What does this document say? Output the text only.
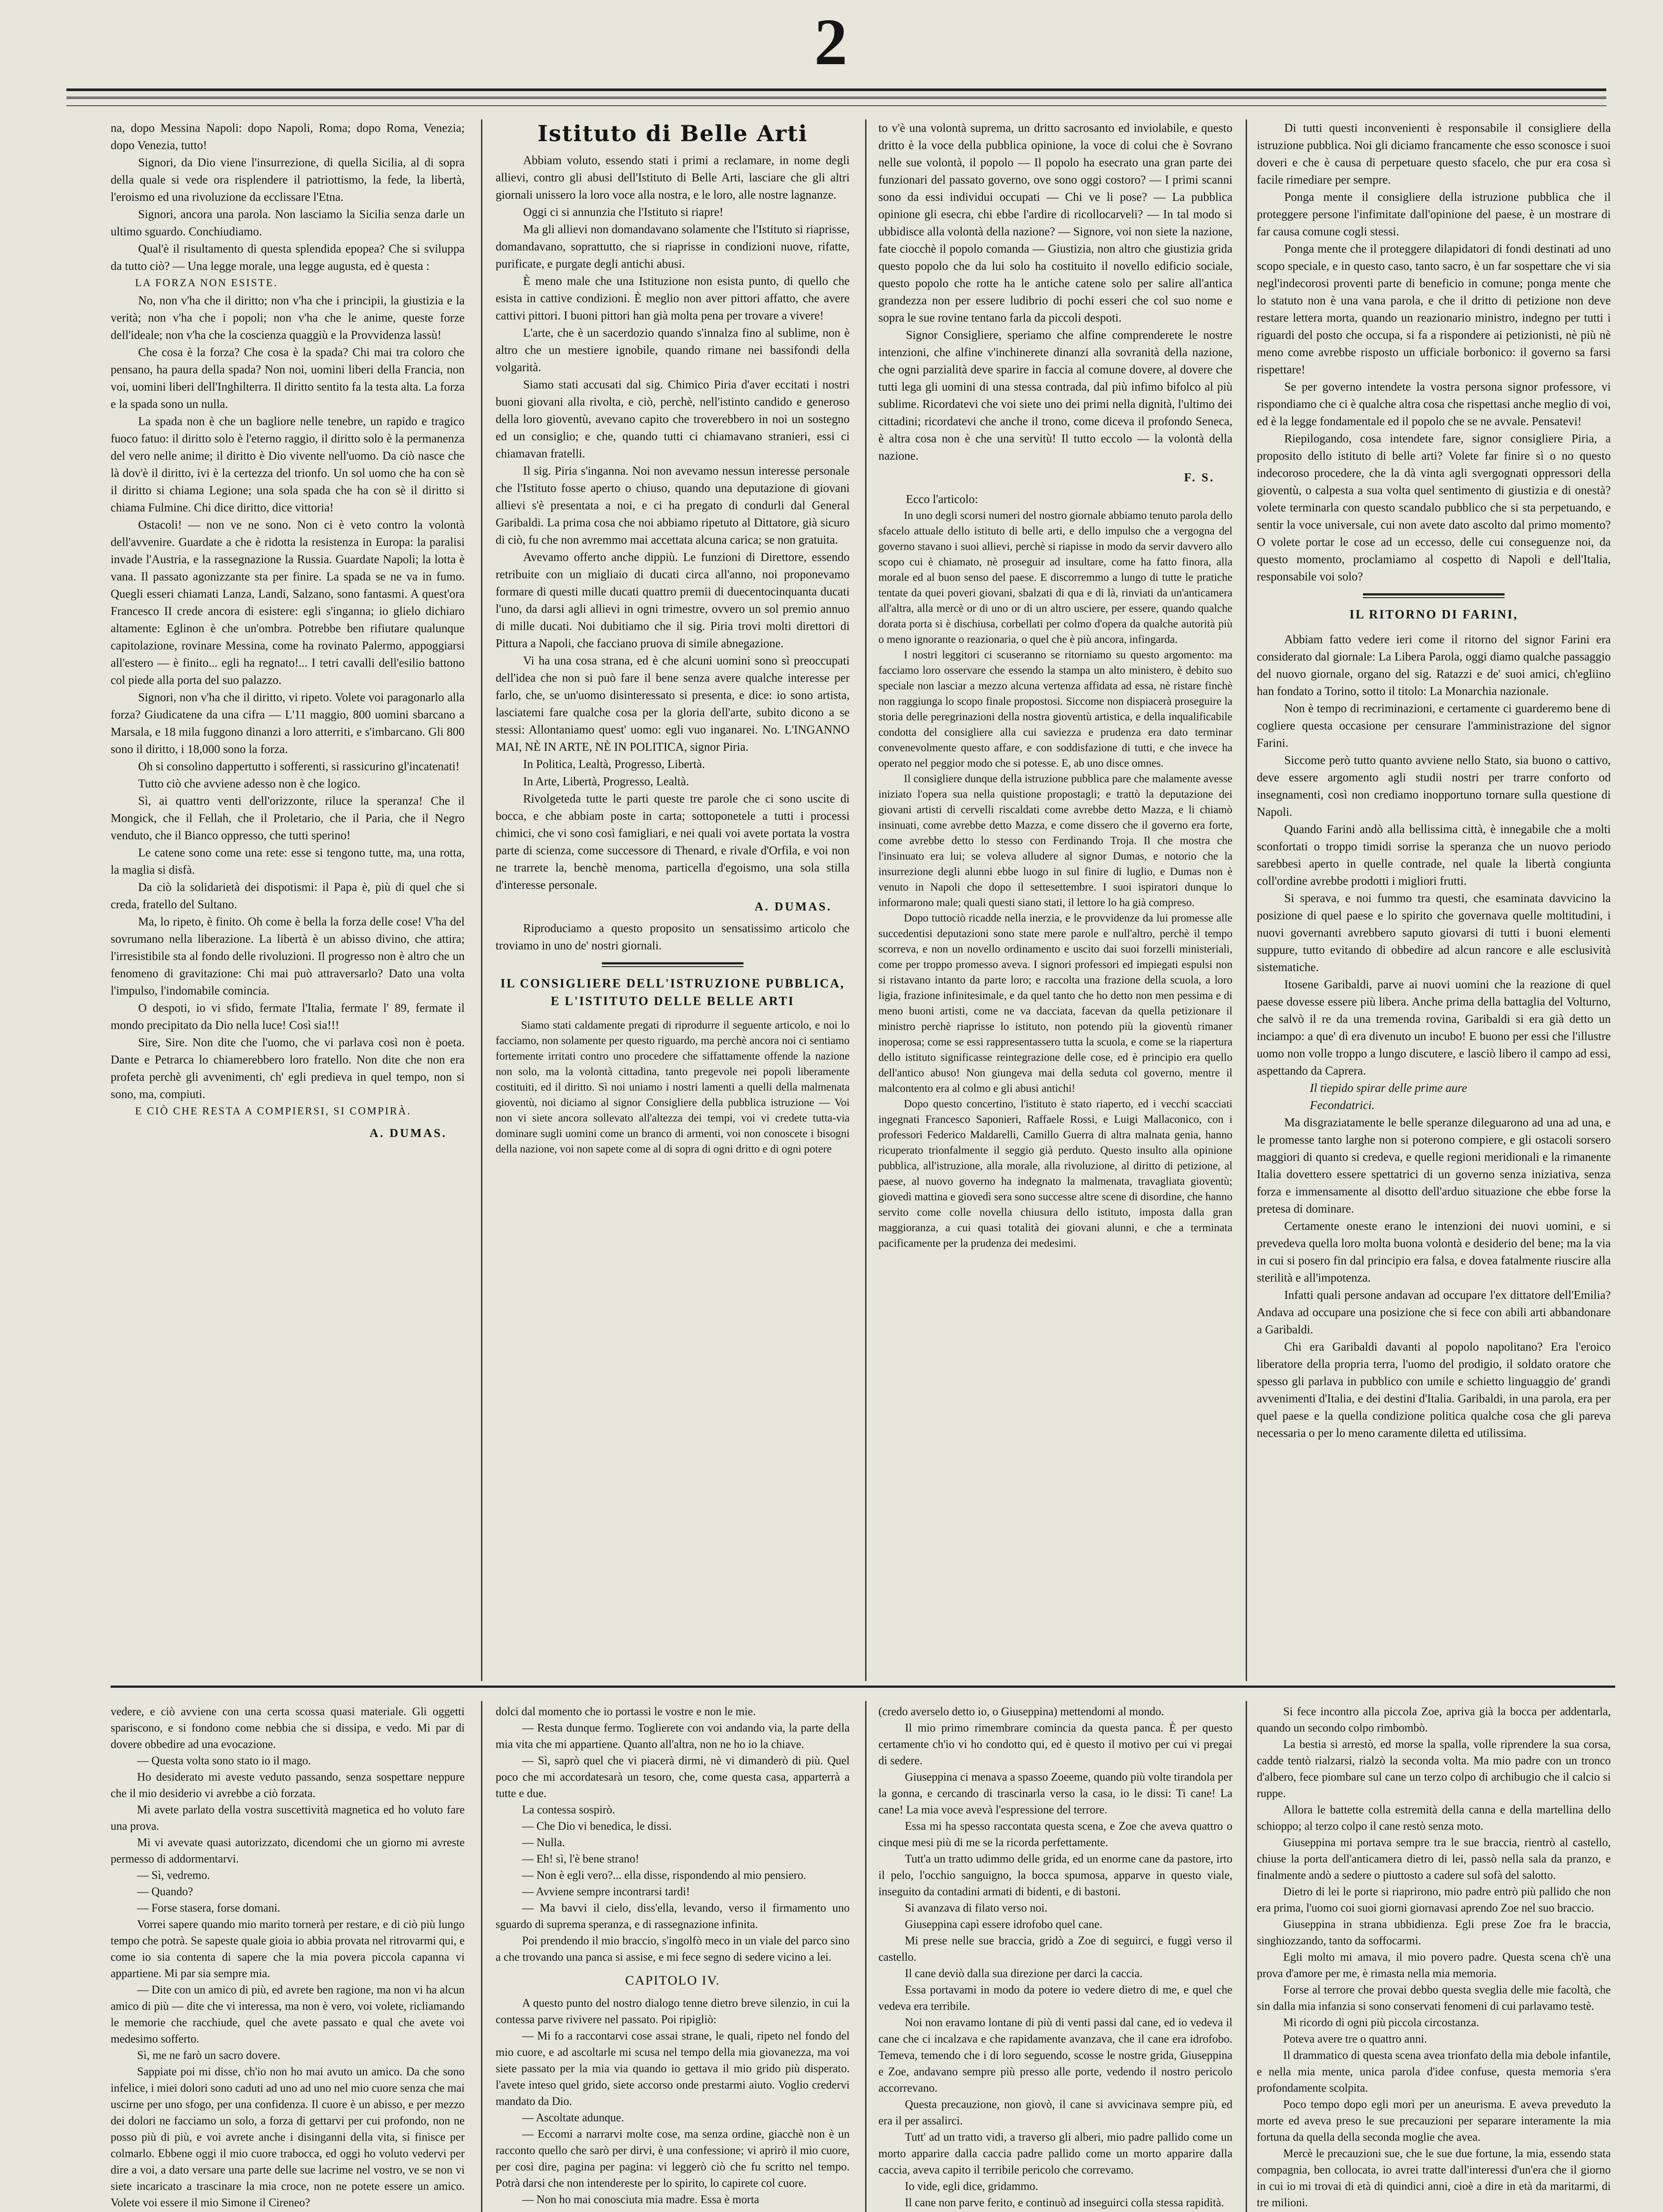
2

na, dopo Messina Napoli: dopo Napoli, Roma; dopo Roma, Venezia; dopo Venezia, tutto!

Signori, da Dio viene l'insurrezione, di quella Sicilia, al di sopra della quale si vede ora risplendere il patriottismo, la fede, la libertà, l'eroismo ed una rivoluzione da ecclissare l'Etna.

Signori, ancora una parola. Non lasciamo la Sicilia senza darle un ultimo sguardo. Conchiudiamo.

Qual'è il risultamento di questa splendida epopea? Che si sviluppa da tutto ciò? — Una legge morale, una legge augusta, ed è questa :

LA FORZA NON ESISTE.

No, non v'ha che il diritto; non v'ha che i principii, la giustizia e la verità; non v'ha che i popoli; non v'ha che le anime, queste forze dell'ideale; non v'ha che la coscienza quaggiù e la Provvidenza lassù!

Che cosa è la forza? Che cosa è la spada? Chi mai tra coloro che pensano, ha paura della spada? Non noi, uomini liberi della Francia, non voi, uomini liberi dell'Inghilterra. Il diritto sentito fa la testa alta. La forza e la spada sono un nulla.

La spada non è che un bagliore nelle tenebre, un rapido e tragico fuoco fatuo: il diritto solo è l'eterno raggio, il diritto solo è la permanenza del vero nelle anime; il diritto è Dio vivente nell'uomo. Da ciò nasce che là dov'è il diritto, ivi è la certezza del trionfo. Un sol uomo che ha con sè il diritto si chiama Legione; una sola spada che ha con sè il diritto si chiama Fulmine. Chi dice diritto, dice vittoria!

Ostacoli! — non ve ne sono. Non ci è veto contro la volontà dell'avvenire. Guardate a che è ridotta la resistenza in Europa: la paralisi invade l'Austria, e la rassegnazione la Russia. Guardate Napoli; la lotta è vana. Il passato agonizzante sta per finire. La spada se ne va in fumo. Quegli esseri chiamati Lanza, Landi, Salzano, sono fantasmi. A quest'ora Francesco II crede ancora di esistere: egli s'inganna; io glielo dichiaro altamente: Eglinon è che un'ombra. Potrebbe ben rifiutare qualunque capitolazione, rovinare Messina, come ha rovinato Palermo, appoggiarsi all'estero — è finito... egli ha regnato!... I tetri cavalli dell'esilio battono col piede alla porta del suo palazzo.

Signori, non v'ha che il diritto, vi ripeto. Volete voi paragonarlo alla forza? Giudicatene da una cifra — L'11 maggio, 800 uomini sbarcano a Marsala, e 18 mila fuggono dinanzi a loro atterriti, e s'imbarcano. Gli 800 sono il diritto, i 18,000 sono la forza.

Oh si consolino dappertutto i sofferenti, si rassicurino gl'incatenati!

Tutto ciò che avviene adesso non è che logico.

Sì, ai quattro venti dell'orizzonte, riluce la speranza! Che il Mongick, che il Fellah, che il Proletario, che il Paria, che il Negro venduto, che il Bianco oppresso, che tutti sperino!

Le catene sono come una rete: esse si tengono tutte, ma, una rotta, la maglia si disfà.

Da ciò la solidarietà dei dispotismi: il Papa è, più di quel che si creda, fratello del Sultano.

Ma, lo ripeto, è finito. Oh come è bella la forza delle cose! V'ha del sovrumano nella liberazione. La libertà è un abisso divino, che attira; l'irresistibile sta al fondo delle rivoluzioni. Il progresso non è altro che un fenomeno di gravitazione: Chi mai può attraversarlo? Dato una volta l'impulso, l'indomabile comincia.

O despoti, io vi sfido, fermate l'Italia, fermate l' 89, fermate il mondo precipitato da Dio nella luce! Così sia!!!

Sire, Sire. Non dite che l'uomo, che vi parlava così non è poeta. Dante e Petrarca lo chiamerebbero loro fratello. Non dite che non era profeta perchè gli avvenimenti, ch' egli predieva in quel tempo, non si sono, ma, compiuti.

E CIÒ CHE RESTA A COMPIERSI, SI COMPIRÀ.

A. DUMAS.
Istituto di Belle Arti

Abbiam voluto, essendo stati i primi a reclamare, in nome degli allievi, contro gli abusi dell'Istituto di Belle Arti, lasciare che gli altri giornali unissero la loro voce alla nostra, e le loro, alle nostre lagnanze.

Oggi ci si annunzia che l'Istituto si riapre!

Ma gli allievi non domandavano solamente che l'Istituto si riaprisse, domandavano, soprattutto, che si riaprisse in condizioni nuove, rifatte, purificate, e purgate degli antichi abusi.

È meno male che una Istituzione non esista punto, di quello che esista in cattive condizioni. È meglio non aver pittori affatto, che avere cattivi pittori. I buoni pittori han già molta pena per trovare a vivere!

L'arte, che è un sacerdozio quando s'innalza fino al sublime, non è altro che un mestiere ignobile, quando rimane nei bassifondi della volgarità.

Siamo stati accusati dal sig. Chimico Piria d'aver eccitati i nostri buoni giovani alla rivolta, e ciò, perchè, nell'istinto candido e generoso della loro gioventù, avevano capito che troverebbero in noi un sostegno ed un consiglio; e che, quando tutti ci chiamavano stranieri, essi ci chiamavan fratelli.

Il sig. Piria s'inganna. Noi non avevamo nessun interesse personale che l'Istituto fosse aperto o chiuso, quando una deputazione di giovani allievi s'è presentata a noi, e ci ha pregato di condurli dal General Garibaldi. La prima cosa che noi abbiamo ripetuto al Dittatore, già sicuro di ciò, fu che non avremmo mai accettata alcuna carica; se non gratuita.

Avevamo offerto anche dippiù. Le funzioni di Direttore, essendo retribuite con un migliaio di ducati circa all'anno, noi proponevamo formare di questi mille ducati quattro premii di duecentocinquanta ducati l'uno, da darsi agli allievi in ogni trimestre, ovvero un sol premio annuo di mille ducati. Noi dubitiamo che il sig. Piria trovi molti direttori di Pittura a Napoli, che facciano pruova di simile abnegazione.

Vi ha una cosa strana, ed è che alcuni uomini sono sì preoccupati dell'idea che non si può fare il bene senza avere qualche interesse per farlo, che, se un'uomo disinteressato si presenta, e dice: io sono artista, lasciatemi fare qualche cosa per la gloria dell'arte, subito dicono a se stessi: Allontaniamo quest' uomo: egli vuo inganarei. No. L'INGANNO MAI, NÈ IN ARTE, NÈ IN POLITICA, signor Piria.

In Politica, Lealtà, Progresso, Libertà.

In Arte, Libertà, Progresso, Lealtà.

Rivolgeteda tutte le parti queste tre parole che ci sono uscite di bocca, e che abbiam poste in carta; sottoponetele a tutti i processi chimici, che vi sono così famigliari, e nei quali voi avete portata la vostra parte di scienza, come successore di Thenard, e rivale d'Orfila, e voi non ne trarrete la, benchè menoma, particella d'egoismo, una sola stilla d'interesse personale.

A. DUMAS.

Riproduciamo a questo proposito un sensatissimo articolo che troviamo in uno de' nostri giornali.

IL CONSIGLIERE DELL'ISTRUZIONE PUBBLICA, E L'ISTITUTO DELLE BELLE ARTI

Siamo stati caldamente pregati di riprodurre il seguente articolo, e noi lo facciamo, non solamente per questo riguardo, ma perchè ancora noi ci sentiamo fortemente irritati contro uno procedere che siffattamente offende la nazione non solo, ma la volontà cittadina, tanto pregevole nei popoli liberamente costituiti, ed il diritto. Sì noi uniamo i nostri lamenti a quelli della malmenata gioventù, noi diciamo al signor Consigliere della pubblica istruzione — Voi non vi siete ancora sollevato all'altezza dei tempi, voi vi credete tutta-via dominare sugli uomini come un branco di armenti, voi non conoscete i bisogni della nazione, voi non sapete come al di sopra di ogni dritto e di ogni potere

to v'è una volontà suprema, un dritto sacrosanto ed inviolabile, e questo dritto è la voce della pubblica opinione, la voce di colui che è Sovrano nelle sue volontà, il popolo — Il popolo ha esecrato una gran parte dei funzionari del passato governo, ove sono oggi costoro? — I primi scanni sono da essi individui occupati — Chi ve li pose? — La pubblica opinione gli esecra, chi ebbe l'ardire di ricollocarveli? — In tal modo si ubbidisce alla volontà della nazione? — Signore, voi non siete la nazione, fate ciocchè il popolo comanda — Giustizia, non altro che giustizia grida questo popolo che da lui solo ha costituito il novello edificio sociale, questo popolo che rotte ha le antiche catene solo per salire all'antica grandezza non per essere ludibrio di pochi esseri che col suo nome e sopra le sue rovine tentano farla da piccoli despoti.

Signor Consigliere, speriamo che alfine comprenderete le nostre intenzioni, che alfine v'inchinerete dinanzi alla sovranità della nazione, che ogni parzialità deve sparire in faccia al comune dovere, al dovere che tutti lega gli uomini di una stessa contrada, dal più infimo bifolco al più sublime. Ricordatevi che voi siete uno dei primi nella dignità, l'ultimo dei cittadini; ricordatevi che anche il trono, come diceva il profondo Seneca, è altra cosa non è che una servitù! Il tutto eccolo — la volontà della nazione.

F. S.

Ecco l'articolo:

In uno degli scorsi numeri del nostro giornale abbiamo tenuto parola dello sfacelo attuale dello istituto di belle arti, e dello impulso che a vergogna del governo stavano i suoi allievi, perchè si riapisse in modo da servir davvero allo scopo cui è chiamato, nè proseguir ad insultare, come ha fatto finora, alla morale ed al buon senso del paese. E discorremmo a lungo di tutte le pratiche tentate da quei poveri giovani, sbalzati di qua e di là, rinviati da un'anticamera all'altra, alla mercè or di uno or di un altro usciere, per essere, quando qualche dorata porta si è dischiusa, corbellati per colmo d'opera da qualche autorità più o meno ignorante o reazionaria, o quel che è più ancora, infingarda.

I nostri leggitori ci scuseranno se ritorniamo su questo argomento: ma facciamo loro osservare che essendo la stampa un alto ministero, è debito suo speciale non lasciar a mezzo alcuna vertenza affidata ad essa, nè ristare finchè non raggiunga lo scopo finale propostosi. Siccome non dispiacerà proseguire la storia delle peregrinazioni della nostra gioventù artistica, e della inqualificabile condotta del consigliere alla cui saviezza e prudenza era dato terminar convenevolmente questo affare, e con soddisfazione di tutti, e che invece ha operato nel peggior modo che si potesse. E, ab uno disce omnes.

Il consigliere dunque della istruzione pubblica pare che malamente avesse iniziato l'opera sua nella quistione propostagli; e trattò la deputazione dei giovani artisti di cervelli riscaldati come avrebbe detto Mazza, e li chiamò insinuati, come avrebbe detto Mazza, e come dissero che il governo era forte, come avrebbe detto lo stesso con Ferdinando Troja. Il che mostra che l'insinuato era lui; se voleva alludere al signor Dumas, e notorio che la insurrezione degli alunni ebbe luogo in sul finire di luglio, e Dumas non è venuto in Napoli che dopo il settesettembre. I suoi ispiratori dunque lo informarono male; quali questi siano stati, il lettore lo ha già compreso.

Dopo tuttociò ricadde nella inerzia, e le provvidenze da lui promesse alle succedentisi deputazioni sono state mere parole e null'altro, perchè il tempo scorreva, e non un novello ordinamento e uscito dai suoi forzelli ministeriali, come per troppo promesso aveva. I signori professori ed impiegati espulsi non si ristavano intanto da parte loro; e raccolta una frazione della scuola, a loro ligia, frazione infinitesimale, e da quel tanto che ho detto non men pessima e di meno buoni artisti, come ne va dacciata, facevan da quella petizionare il ministro perchè riaprisse lo istituto, non potendo più la gioventù rimaner inoperosa; come se essi rappresentassero tutta la scuola, e come se la riapertura dello istituto significasse reintegrazione delle cose, ed è principio era quello dell'antico abuso! Non giungeva mai della seduta col governo, mentre il malcontento era al colmo e gli abusi antichi!

Dopo questo concertino, l'istituto è stato riaperto, ed i vecchi scacciati ingegnati Francesco Saponieri, Raffaele Rossi, e Luigi Mallaconico, con i professori Federico Maldarelli, Camillo Guerra di altra malnata genia, hanno ricuperato trionfalmente il seggio già perduto. Questo insulto alla opinione pubblica, all'istruzione, alla morale, alla rivoluzione, al diritto di petizione, al paese, al nuovo governo ha indegnato la malmenata, travagliata gioventù; giovedì mattina e giovedì sera sono successe altre scene di disordine, che hanno servito come colle novella chiusura dello istituto, imposta dalla gran maggioranza, a cui quasi totalità dei giovani alunni, e che a terminata pacificamente per la prudenza dei medesimi.

Di tutti questi inconvenienti è responsabile il consigliere della istruzione pubblica. Noi gli diciamo francamente che esso sconosce i suoi doveri e che è causa di perpetuare questo sfacelo, che pur era cosa sì facile rimediare per sempre.

Ponga mente il consigliere della istruzione pubblica che il proteggere persone l'infimitate dall'opinione del paese, è un mostrare di far causa comune cogli stessi.

Ponga mente che il proteggere dilapidatori di fondi destinati ad uno scopo speciale, e in questo caso, tanto sacro, è un far sospettare che vi sia negl'indecorosi proventi parte di beneficio in comune; ponga mente che lo statuto non è una vana parola, e che il dritto di petizione non deve restare lettera morta, quando un reazionario ministro, indegno per tutti i riguardi del posto che occupa, si fa a rispondere ai petizionisti, nè più nè meno come avrebbe risposto un ufficiale borbonico: il governo sa farsi rispettare!

Se per governo intendete la vostra persona signor professore, vi rispondiamo che ci è qualche altra cosa che rispettasi anche meglio di voi, ed è la legge fondamentale ed il popolo che se ne avvale. Pensatevi!

Riepilogando, cosa intendete fare, signor consigliere Piria, a proposito dello istituto di belle arti? Volete far finire sì o no questo indecoroso procedere, che la dà vinta agli svergognati oppressori della gioventù, o calpesta a sua volta quel sentimento di giustizia e di onestà? volete terminarla con questo scandalo pubblico che si sta perpetuando, e sentir la voce universale, cui non avete dato ascolto dal primo momento? O volete portar le cose ad un eccesso, delle cui conseguenze noi, da questo momento, proclamiamo al cospetto di Napoli e dell'Italia, responsabile voi solo?

IL RITORNO DI FARINI,

Abbiam fatto vedere ieri come il ritorno del signor Farini era considerato dal giornale: La Libera Parola, oggi diamo qualche passaggio del nuovo giornale, organo del sig. Ratazzi e de' suoi amici, ch'egliino han fondato a Torino, sotto il titolo: La Monarchia nazionale.

Non è tempo di recriminazioni, e certamente ci guarderemo bene di cogliere questa occasione per censurare l'amministrazione del signor Farini.

Siccome però tutto quanto avviene nello Stato, sia buono o cattivo, deve essere argomento agli studii nostri per trarre conforto od insegnamenti, così non crediamo inopportuno tornare sulla questione di Napoli.

Quando Farini andò alla bellissima città, è innegabile che a molti sconfortati o troppo timidi sorrise la speranza che un nuovo periodo sarebbesi aperto in quelle contrade, nel quale la libertà congiunta coll'ordine avrebbe prodotti i migliori frutti.

Si sperava, e noi fummo tra questi, che esaminata davvicino la posizione di quel paese e lo spirito che governava quelle moltitudini, i nuovi governanti avrebbero saputo giovarsi di tutti i buoni elementi suppure, tutto evitando di obbedire ad alcun rancore e alle esclusività sistematiche.

Itosene Garibaldi, parve ai nuovi uomini che la reazione di quel paese dovesse essere più libera. Anche prima della battaglia del Volturno, che salvò il re da una tremenda rovina, Garibaldi si era già detto un inciampo: a que' dì era divenuto un incubo! E buono per essi che l'illustre uomo non volle troppo a lungo discutere, e lasciò libero il campo ad essi, aspettando da Caprera.

Il tiepido spirar delle prime aure

Fecondatrici.

Ma disgraziatamente le belle speranze dileguarono ad una ad una, e le promesse tanto larghe non si poterono compiere, e gli ostacoli sorsero maggiori di quanto si credeva, e quelle regioni meridionali e la rimanente Italia dovettero essere spettatrici di un governo senza iniziativa, senza forza e immensamente al disotto dell'arduo situazione che ebbe forse la pretesa di dominare.

Certamente oneste erano le intenzioni dei nuovi uomini, e si prevedeva quella loro molta buona volontà e desiderio del bene; ma la via in cui si posero fin dal principio era falsa, e dovea fatalmente riuscire alla sterilità e all'impotenza.

Infatti quali persone andavan ad occupare l'ex dittatore dell'Emilia? Andava ad occupare una posizione che si fece con abili arti abbandonare a Garibaldi.

Chi era Garibaldi davanti al popolo napolitano? Era l'eroico liberatore della propria terra, l'uomo del prodigio, il soldato oratore che spesso gli parlava in pubblico con umile e schietto linguaggio de' grandi avvenimenti d'Italia, e dei destini d'Italia. Garibaldi, in una parola, era per quel paese e la quella condizione politica qualche cosa che gli pareva necessaria o per lo meno caramente diletta ed utilissima.

vedere, e ciò avviene con una certa scossa quasi materiale. Gli oggetti spariscono, e si fondono come nebbia che si dissipa, e vedo. Mi par di dovere obbedire ad una evocazione.

— Questa volta sono stato io il mago.

Ho desiderato mi aveste veduto passando, senza sospettare neppure che il mio desiderio vi avrebbe a ciò forzata.

Mi avete parlato della vostra suscettività magnetica ed ho voluto fare una prova.

Mi vi avevate quasi autorizzato, dicendomi che un giorno mi avreste permesso di addormentarvi.

— Sì, vedremo.

— Quando?

— Forse stasera, forse domani.

Vorrei sapere quando mio marito tornerà per restare, e di ciò più lungo tempo che potrà. Se sapeste quale gioia io abbia provata nel ritrovarmi qui, e come io sia contenta di sapere che la mia povera piccola capanna vi appartiene. Mi par sia sempre mia.

— Dite con un amico di più, ed avrete ben ragione, ma non vi ha alcun amico di più — dite che vi interessa, ma non è vero, voi volete, ricliamando le memorie che racchiude, quel che avete passato e qual che avete voi medesimo sofferto.

Sì, me ne farò un sacro dovere.

Sappiate poi mi disse, ch'io non ho mai avuto un amico. Da che sono infelice, i miei dolori sono caduti ad uno ad uno nel mio cuore senza che mai uscirne per uno sfogo, per una confidenza. Il cuore è un abisso, e per mezzo dei dolori ne facciamo un solo, a forza di gettarvi per cui profondo, non ne posso più di più, e voi avrete anche i disinganni della vita, si finisce per colmarlo. Ebbene oggi il mio cuore trabocca, ed oggi ho voluto vedervi per dire a voi, a dato versare una parte delle sue lacrime nel vostro, ve se non vi siete incaricato a trascinare la mia croce, non ne potete essere un amico. Volete voi essere il mio Simone il Cireneo?

dolci dal momento che io portassi le vostre e non le mie.

— Resta dunque fermo. Toglierete con voi andando via, la parte della mia vita che mi appartiene. Quanto all'altra, non ne ho io la chiave.

— Sì, saprò quel che vi piacerà dirmi, nè vi dimanderò di più. Quel poco che mi accordatesarà un tesoro, che, come questa casa, apparterrà a tutte e due.

La contessa sospirò.

— Che Dio vi benedica, le dissi.

— Nulla.

— Eh! sì, l'è bene strano!

— Non è egli vero?... ella disse, rispondendo al mio pensiero.

— Avviene sempre incontrarsi tardi!

— Ma bavvi il cielo, diss'ella, levando, verso il firmamento uno sguardo di suprema speranza, e di rassegnazione infinita.

Poi prendendo il mio braccio, s'ingolfò meco in un viale del parco sino a che trovando una panca si assise, e mi fece segno di sedere vicino a lei.

CAPITOLO IV.

A questo punto del nostro dialogo tenne dietro breve silenzio, in cui la contessa parve rivivere nel passato. Poi ripigliò:

— Mi fo a raccontarvi cose assai strane, le quali, ripeto nel fondo del mio cuore, e ad ascoltarle mi scusa nel tempo della mia giovanezza, ma voi siete passato per la mia via quando io gettava il mio grido più disperato. l'avete inteso quel grido, siete accorso onde prestarmi aiuto. Voglio credervi mandato da Dio.

— Ascoltate adunque.

— Eccomi a narrarvi molte cose, ma senza ordine, giacchè non è un racconto quello che sarò per dirvi, è una confessione; vi aprirò il mio cuore, per così dire, pagina per pagina: vi leggerò ciò che fu scritto nel tempo. Potrà darsi che non intendereste per lo spirito, lo capirete col cuore.

— Non ho mai conosciuta mia madre. Essa è morta

(credo averselo detto io, o Giuseppina) mettendomi al mondo.

Il mio primo rimembrare comincia da questa panca. È per questo certamente ch'io vi ho condotto qui, ed è questo il motivo per cui vi pregai di sedere.

Giuseppina ci menava a spasso Zoeeme, quando più volte tirandola per la gonna, e cercando di trascinarla verso la casa, io le dissi: Ti cane! La cane! La mia voce avevà l'espressione del terrore.

Essa mi ha spesso raccontata questa scena, e Zoe che aveva quattro o cinque mesi più di me se la ricorda perfettamente.

Tutt'a un tratto udimmo delle grida, ed un enorme cane da pastore, irto il pelo, l'occhio sanguigno, la bocca spumosa, apparve in questo viale, inseguito da contadini armati di bidenti, e di bastoni.

Si avanzava di filato verso noi.

Giuseppina capì essere idrofobo quel cane.

Mi prese nelle sue braccia, gridò a Zoe di seguirci, e fuggì verso il castello.

Il cane deviò dalla sua direzione per darci la caccia.

Essa portavami in modo da potere io vedere dietro di me, e quel che vedeva era terribile.

Noi non eravamo lontane di più di venti passi dal cane, ed io vedeva il cane che ci incalzava e che rapidamente avanzava, che il cane era idrofobo. Temeva, temendo che i di loro seguendo, scosse le nostre grida, Giuseppina e Zoe, andavano sempre più presso alle porte, vedendo il nostro pericolo accorrevano.

Questa precauzione, non giovò, il cane si avvicinava sempre più, ed era il per assalirci.

Tutt' ad un tratto vidi, a traverso gli alberi, mio padre pallido come un morto apparire dalla caccia padre pallido come un morto apparire dalla caccia, aveva capito il terribile pericolo che correvamo.

Io vide, egli dice, gridammo.

Il cane non parve ferito, e continuò ad inseguirci colla stessa rapidità.

Si fece incontro alla piccola Zoe, apriva già la bocca per addentarla, quando un secondo colpo rimbombò.

La bestia si arrestò, ed morse la spalla, volle riprendere la sua corsa, cadde tentò rialzarsi, rialzò la seconda volta. Ma mio padre con un tronco d'albero, fece piombare sul cane un terzo colpo di archibugio che il calcio si ruppe.

Allora le battette colla estremità della canna e della martellina dello schioppo; al terzo colpo il cane restò senza moto.

Giuseppina mi portava sempre tra le sue braccia, rientrò al castello, chiuse la porta dell'anticamera dietro di lei, passò nella sala da pranzo, e finalmente andò a sedere o piuttosto a cadere sul sofà del salotto.

Dietro di lei le porte si riaprirono, mio padre entrò più pallido che non era prima, l'uomo coi suoi giorni giornavasi aprendo Zoe nel suo braccio.

Giuseppina in strana ubbidienza. Egli prese Zoe fra le braccia, singhiozzando, tanto da soffocarmi.

Egli molto mi amava, il mio povero padre. Questa scena ch'è una prova d'amore per me, è rimasta nella mia memoria.

Forse al terrore che provai debbo questa sveglia delle mie facoltà, che sin dalla mia infanzia si sono conservati fenomeni di cui parlavamo testè.

Mi ricordo di ogni più piccola circostanza.

Poteva avere tre o quattro anni.

Il drammatico di questa scena avea trionfato della mia debole infantile, e nella mia mente, unica parola d'idee confuse, questa memoria s'era profondamente scolpita.

Poco tempo dopo egli morì per un aneurisma. E aveva preveduto la morte ed aveva preso le sue precauzioni per separare interamente la mia fortuna da quella della seconda moglie che avea.

Mercè le precauzioni sue, che le sue due fortune, la mia, essendo stata compagnia, ben collocata, io avrei tratte dall'interessi d'un'era che il giorno in cui io mi trovai di età di quindici anni, cioè a dire in età da maritarmi, di tre milioni.
